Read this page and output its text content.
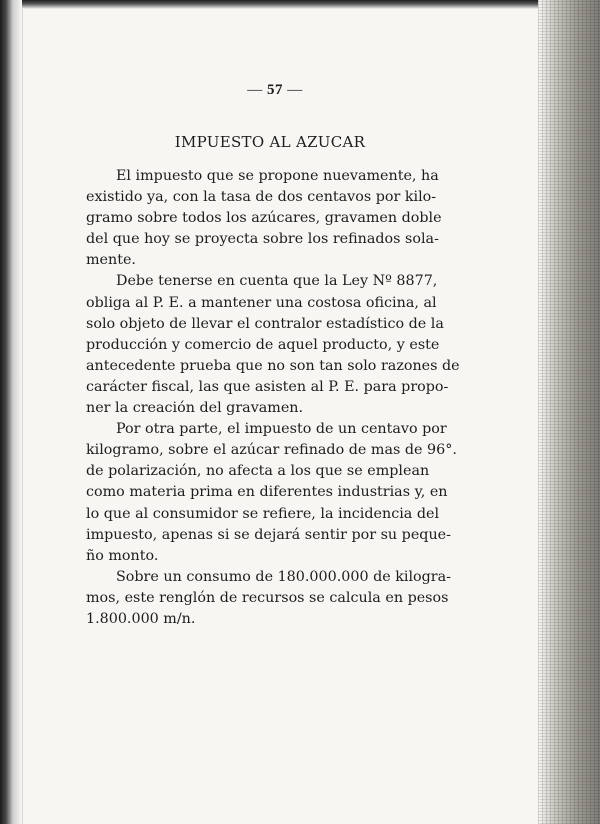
— 57 —
IMPUESTO AL AZUCAR
El impuesto que se propone nuevamente, ha
existido ya, con la tasa de dos centavos por kilo-
gramo sobre todos los azúcares, gravamen doble
del que hoy se proyecta sobre los refinados sola-
mente.
Debe tenerse en cuenta que la Ley Nº 8877,
obliga al P. E. a mantener una costosa oficina, al
solo objeto de llevar el contralor estadístico de la
producción y comercio de aquel producto, y este
antecedente prueba que no son tan solo razones de
carácter fiscal, las que asisten al P. E. para propo-
ner la creación del gravamen.
Por otra parte, el impuesto de un centavo por
kilogramo, sobre el azúcar refinado de mas de 96°.
de polarización, no afecta a los que se emplean
como materia prima en diferentes industrias y, en
lo que al consumidor se refiere, la incidencia del
impuesto, apenas si se dejará sentir por su peque-
ño monto.
Sobre un consumo de 180.000.000 de kilogra-
mos, este renglón de recursos se calcula en pesos
1.800.000 m/n.
